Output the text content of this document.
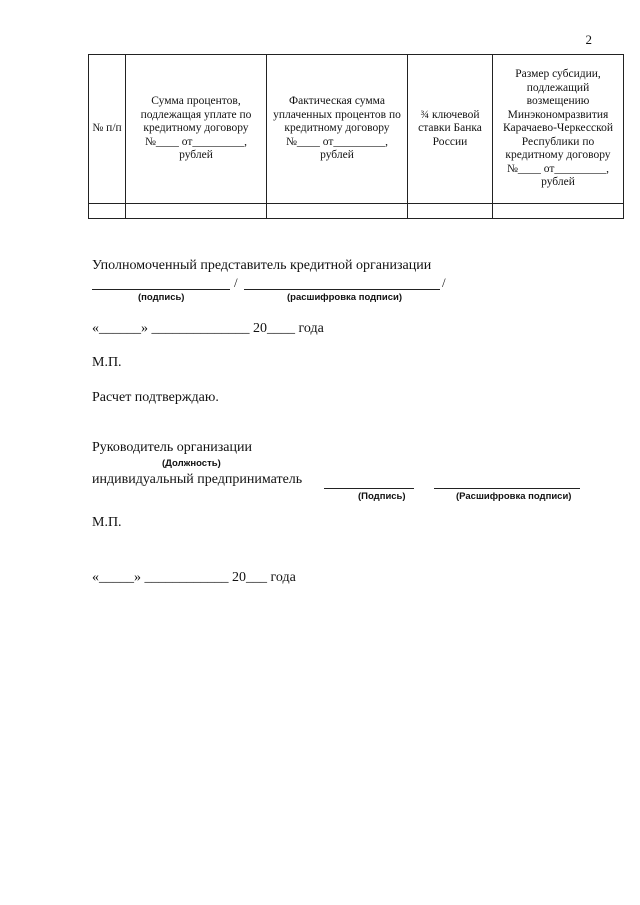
2
№ п/п	Сумма процентов, подлежащая уплате по кредитному договору №____ от_________, рублей	Фактическая сумма уплаченных процентов по кредитному договору №____ от_________, рублей	¾ ключевой ставки Банка России	Размер субсидии, подлежащий возмещению Минэкономразвития Карачаево-Черкесской Республики по кредитному договору №____ от_________, рублей

Уполномоченный представитель кредитной организации
/	/
(подпись)	(расшифровка подписи)
«______» ______________ 20____ года
М.П.
Расчет подтверждаю.
Руководитель организации
(Должность)
индивидуальный предприниматель
(Подпись)	(Расшифровка подписи)
М.П.
«_____» ____________ 20___ года
